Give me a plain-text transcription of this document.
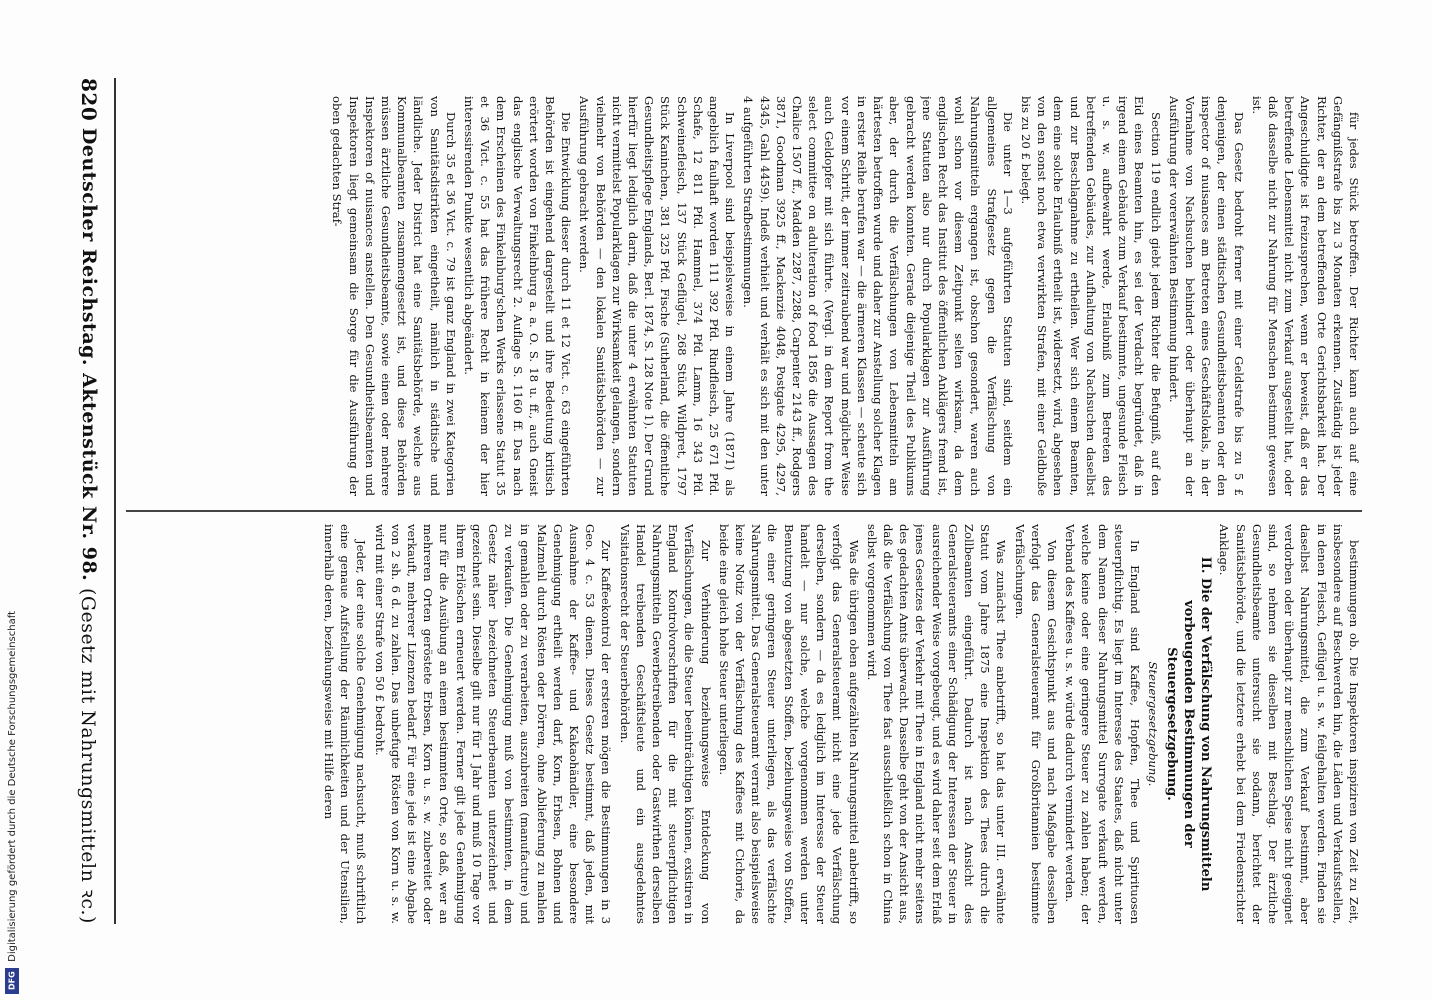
für jedes Stück betroffen. Der Richter kann auch auf eine Gefängnißstrafe bis zu 3 Monaten erkennen. Zuständig ist jeder Richter, der an dem betreffenden Orte Gerichtsbarkeit hat. Der Angeschuldigte ist freizusprechen, wenn er beweist, daß er das betreffende Lebensmittel nicht zum Verkauf ausgestellt hat, oder daß dasselbe nicht zur Nahrung für Menschen bestimmt gewesen ist.

Das Gesetz bedroht ferner mit einer Geldstrafe bis zu 5 £ denjenigen, der einen städtischen Gesundheitsbeamten oder den inspector of nuisances am Betreten eines Geschäftslokals, in der Vornahme von Nachsuchen behindert oder überhaupt an der Ausführung der vorerwähnten Bestimmung hindert.

Section 119 endlich giebt jedem Richter die Befugniß, auf den Eid eines Beamten hin, es sei der Verdacht begründet, daß in irgend einem Gebäude zum Verkauf bestimmte, ungesunde Fleisch u. s. w. aufbewahrt werde, Erlaubniß zum Betreten des betreffenden Gebäudes, zur Aufhaltung von Nachsuchen daselbst und zur Beschlagnahme zu ertheilen. Wer sich einem Beamten, dem eine solche Erlaubniß ertheilt ist, widersetzt, wird, abgesehen von den sonst noch etwa verwirkten Strafen, mit einer Geldbuße bis zu 20 £ belegt.

Die unter 1—3 aufgeführten Statuten sind, seitdem ein allgemeines Strafgesetz gegen die Verfälschung von Nahrungsmitteln ergangen ist, obschon gesondert, waren auch wohl schon vor diesem Zeitpunkt selten wirksam, da dem englischen Recht das Institut des öffentlichen Anklägers fremd ist, jene Statuten also nur durch Popularklagen zur Ausführung gebracht werden konnten. Gerade diejenige Theil des Publikums aber, der durch die Verfälschungen von Lebensmitteln am härtesten betroffen wurde und daher zur Anstellung solcher Klagen in erster Reihe berufen war — die ärmeren Klassen — scheute sich vor einem Schritt, der immer zeitraubend war und möglicher Weise auch Geldopfer mit sich führte. (Vergl. in dem Report from the select committee on adulteration of food 1856 die Aussagen des Chalice 1507 ff., Madden 2287, 2288, Carpenter 2143 ff., Rodgers 3871, Goodman 3925 ff., Mackenzie 4048, Postgate 4295, 4297, 4345, Gahl 4459). Indeß verhielt und verhält es sich mit den unter 4 aufgeführten Strafbestimmungen.

In Liverpool sind beispielsweise in einem Jahre (1871) als angeblich faulhaft worden 111 392 Pfd. Rindfleisch, 25 671 Pfd. Schafe, 12 811 Pfd. Hammel, 374 Pfd. Lamm, 16 343 Pfd. Schweinefleisch, 137 Stück Geflügel, 268 Stück Wildpret, 1797 Stück Kaninchen, 381 325 Pfd. Fische (Sutherland, die öffentliche Gesundheitspflege Englands, Berl. 1874, S. 128 Note 1). Der Grund hierfür liegt lediglich darin, daß die unter 4 erwähnten Statuten nicht vermittelst Popularklagen zur Wirksamkeit gelangen, sondern vielmehr von Behörden — den lokalen Sanitätsbehörden — zur Ausführung gebracht werden.

Die Entwicklung dieser durch 11 et 12 Vict. c. 63 eingeführten Behörden ist eingehend dargestellt und ihre Bedeutung kritisch erörtert worden von Finkelnburg a. a. O. S. 18 u. ff., auch Gneist das englische Verwaltungsrecht 2. Auflage S. 1160 ff. Das nach dem Erscheinen des Finkelnburg'schen Werks erlassene Statut 35 et 36 Vict. c. 55 hat das frühere Recht in keinem der hier interessirenden Punkte wesentlich abgeändert.

Durch 35 et 36 Vict. c. 79 ist ganz England in zwei Kategorien von Sanitätsdistrikten eingetheilt, nämlich in städtische und ländliche. Jeder District hat eine Sanitätsbehörde, welche aus Kommunalbeamten zusammengesetzt ist, und diese Behörden müssen ärztliche Gesundheitsbeamte, sowie einen oder mehrere Inspektoren of nuisances anstellen. Den Gesundheitsbeamten und Inspektoren liegt gemeinsam die Sorge für die Ausführung der oben gedachten Straf-

bestimmungen ob. Die Inspektoren inspiziren von Zeit zu Zeit, insbesondere auf Beschwerden hin, die Läden und Verkaufsstellen, in denen Fleisch, Geflügel u. s. w. feilgehalten werden. Finden sie daselbst Nahrungsmittel, die zum Verkauf bestimmt, aber verdorben oder überhaupt zur menschlichen Speise nicht geeignet sind, so nehmen sie dieselben mit Beschlag. Der ärztliche Gesundheitsbeamte untersucht sie sodann, berichtet der Sanitätsbehörde, und die letztere erhebt bei dem Friedensrichter Anklage.

II. Die der Verfälschung von Nahrungsmitteln vorbeugenden Bestimmungen der Steuergesetzgebung.

Steuergesetzgebung.

In England sind Kaffee, Hopfen, Thee und Spirituosen steuerpflichtig. Es liegt im Interesse des Staates, daß nicht unter dem Namen dieser Nahrungsmittel Surrogate verkauft werden, welche keine oder eine geringere Steuer zu zahlen haben; der Verband des Kaffees u. s. w. würde dadurch vermindert werden.

Von diesem Gesichtspunkt aus und nach Maßgabe desselben verfolgt das Generalsteueramt für Großbritannien bestimmte Verfälschungen.

Was zunächst Thee anbetrifft, so hat das unter III. erwähnte Statut vom Jahre 1875 eine Inspektion des Thees durch die Zollbeamten eingeführt. Dadurch ist nach Ansicht des Generalsteueramts einer Schädigung der Interessen der Steuer in ausreichender Weise vorgebeugt, und es wird daher seit dem Erlaß jenes Gesetzes der Verkehr mit Thee in England nicht mehr seitens des gedachten Amts überwacht. Dasselbe geht von der Ansicht aus, daß die Verfälschung von Thee fast ausschließlich schon in China selbst vorgenommen wird.

Was die übrigen oben aufgezählten Nahrungsmittel anbetrifft, so verfolgt das Generalsteueramt nicht eine jede Verfälschung derselben, sondern — da es lediglich im Interesse der Steuer handelt — nur solche, welche vorgenommen werden unter Benutzung von abgesetzten Stoffen, beziehungsweise von Stoffen, die einer geringeren Steuer unterliegen, als das verfälschte Nahrungsmittel. Das Generalsteueramt verrant also beispielsweise keine Notiz von der Verfälschung des Kaffees mit Cichorie, da beide eine gleich hohe Steuer unterliegen.

Zur Verhinderung beziehungsweise Entdeckung von Verfälschungen, die die Steuer beeinträchtigen können, existiren in England Kontrolvorschriften für die mit steuerpflichtigen Nahrungsmitteln Gewerbetreibenden oder Gastwirthen derselben Handel treibenden Geschäftsleute und ein ausgedehntes Visitationsrecht der Steuerbehörden.

Zur Kaffeekontrol der ersteren mögen die Bestimmungen in 3 Geo. 4 c. 53 dienen. Dieses Gesetz bestimmt, daß jeden, mit Ausnahme der Kaffee- und Kakaohändler, eine besondere Genehmigung ertheilt werden darf, Korn, Erbsen, Bohnen und Malzmehl durch Rösten oder Dörren, ohne Ablieferung zu mahlen in gemahlen oder zu verarbeiten, auszubreiten (manufacture) und zu verkaufen. Die Genehmigung muß von bestimmten, in dem Gesetz näher bezeichneten Steuerbeamten unterzeichnet und gezeichnet sein. Dieselbe gilt nur für 1 Jahr und muß 10 Tage vor ihrem Erlöschen erneuert werden. Ferner gilt jede Genehmigung nur für die Ausübung an einem bestimmten Orte, so daß, wer an mehreren Orten geröstete Erbsen, Korn u. s. w. zubereitet oder verkauft, mehrerer Lizenzen bedarf. Für eine jede ist eine Abgabe von 2 sh. 6 d. zu zahlen. Das unbefugte Rösten von Korn u. s. w. wird mit einer Strafe von 50 £ bedroht.

Jeder, der eine solche Genehmigung nachsucht, muß schriftlich eine genaue Aufstellung der Räumlichkeiten und der Utensilien, innerhalb deren, beziehungsweise mit Hilfe deren

820
Deutscher Reichstag. Aktenstück Nr. 98.
(Gesetz mit Nahrungsmitteln ꝛc.)
Digitalisierung gefördert durch die Deutsche Forschungsgemeinschaft
DFG
